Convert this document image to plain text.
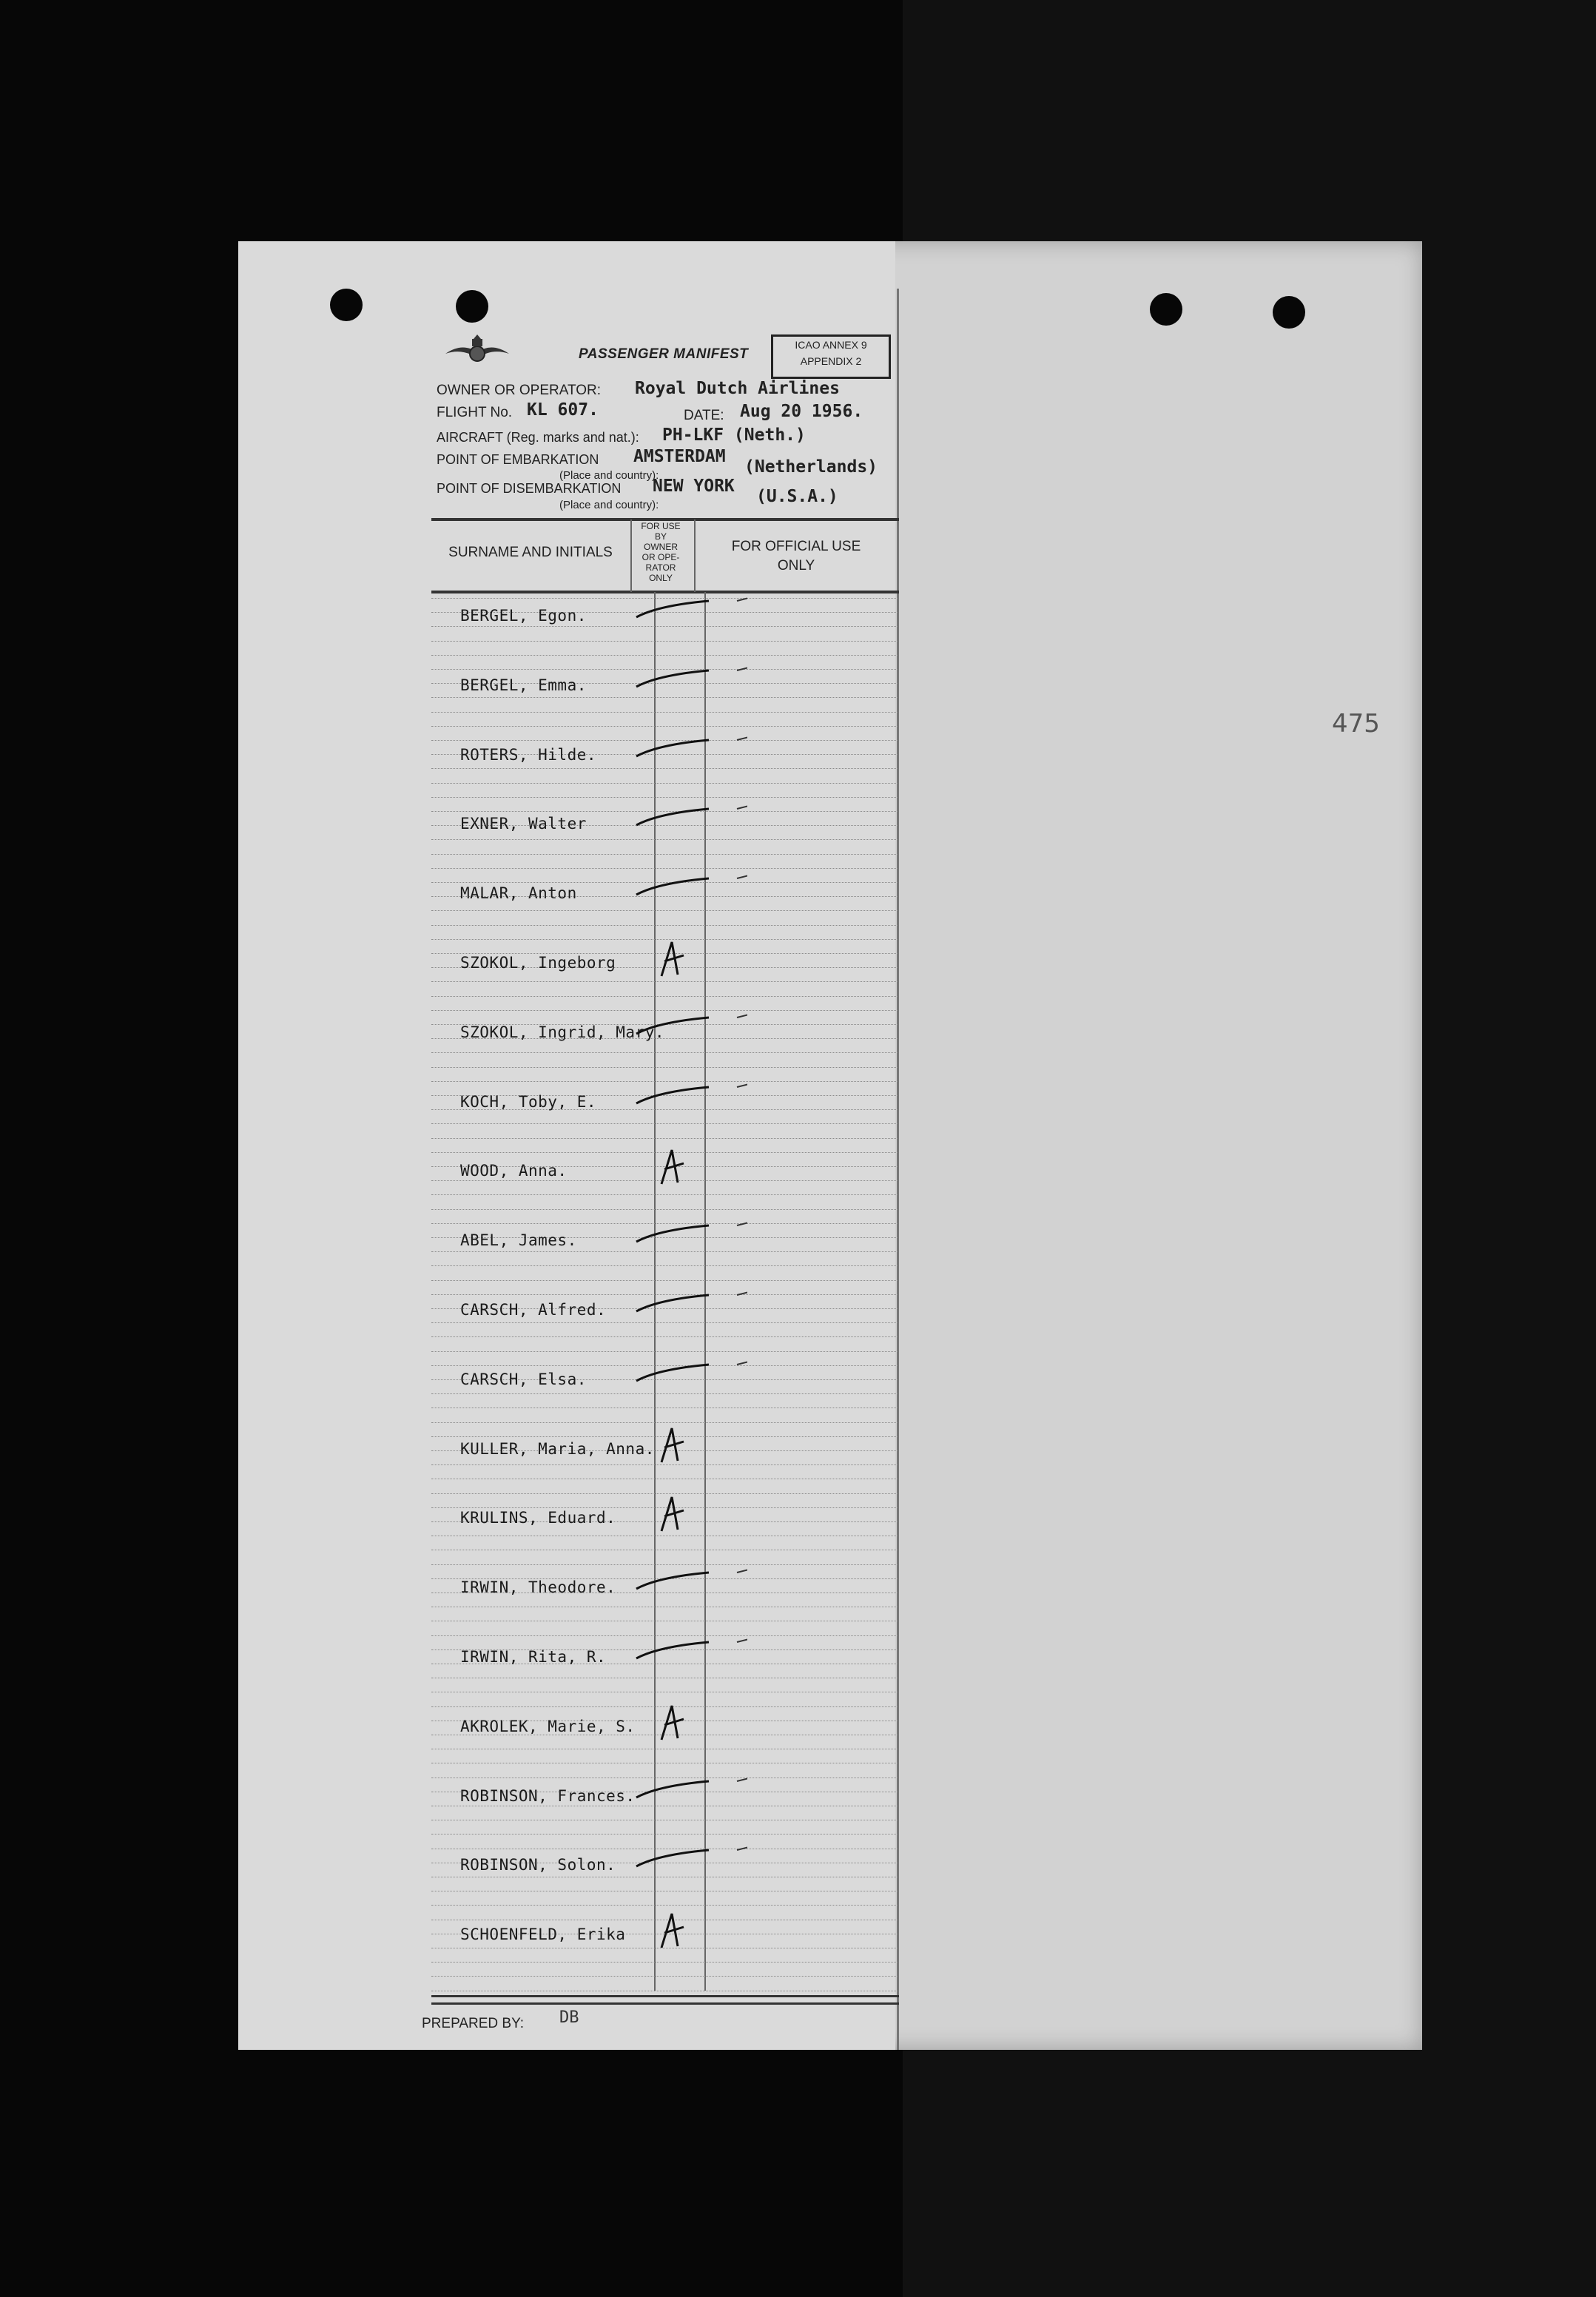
PASSENGER MANIFEST
ICAO ANNEX 9
APPENDIX 2
OWNER OR OPERATOR: Royal Dutch Airlines
FLIGHT No. KL 607.	DATE: Aug 20 1956.
AIRCRAFT (Reg. marks and nat.): PH-LKF (Neth.)
POINT OF EMBARKATION AMSTERDAM
(Netherlands)
(Place and country):
POINT OF DISEMBARKATION NEW YORK
(U.S.A.)
(Place and country):
SURNAME AND INITIALS
FOR USE
BY
OWNER
OR OPE-
RATOR
ONLY
FOR OFFICIAL USE
ONLY
BERGEL, Egon.
BERGEL, Emma.
ROTERS, Hilde.
EXNER, Walter
MALAR, Anton
SZOKOL, Ingeborg
SZOKOL, Ingrid, Mary.
KOCH, Toby, E.
WOOD, Anna.
ABEL, James.
CARSCH, Alfred.
CARSCH, Elsa.
KULLER, Maria, Anna.
KRULINS, Eduard.
IRWIN, Theodore.
IRWIN, Rita, R.
AKROLEK, Marie, S.
ROBINSON, Frances.
ROBINSON, Solon.
SCHOENFELD, Erika
PREPARED BY: DB
475
